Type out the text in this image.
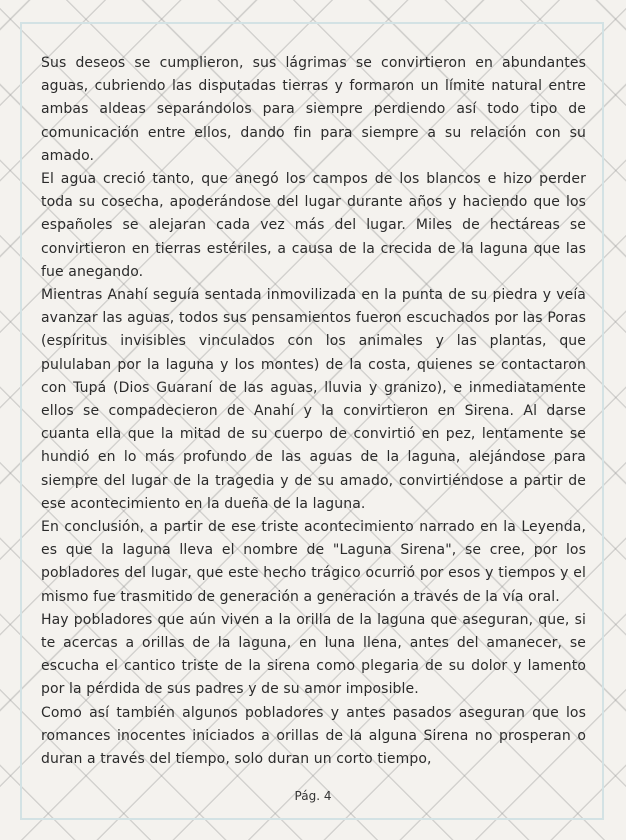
Sus deseos se cumplieron, sus lágrimas se convirtieron en abundantes aguas, cubriendo las disputadas tierras y formaron un límite natural entre ambas aldeas separándolos para siempre perdiendo así todo tipo de comunicación entre ellos, dando fin para siempre a su relación con su amado.

El agua creció tanto, que anegó los campos de los blancos e hizo perder toda su cosecha, apoderándose del lugar durante años y haciendo que los españoles se alejaran cada vez más del lugar. Miles de hectáreas se convirtieron en tierras estériles, a causa de la crecida de la laguna que las fue anegando.

Mientras Anahí seguía sentada inmovilizada en la punta de su piedra y veía avanzar las aguas, todos sus pensamientos fueron escuchados por las Poras (espíritus invisibles vinculados con los animales y las plantas, que pululaban por la laguna y los montes) de la costa, quienes se contactaron con Tupá (Dios Guaraní de las aguas, lluvia y granizo), e inmediatamente ellos se compadecieron de Anahí y la convirtieron en Sirena. Al darse cuanta ella que la mitad de su cuerpo de convirtió en pez, lentamente se hundió en lo más profundo de las aguas de la laguna, alejándose para siempre del lugar de la tragedia y de su amado, convirtiéndose a partir de ese acontecimiento en la dueña de la laguna.

En conclusión, a partir de ese triste acontecimiento narrado en la Leyenda, es que la laguna lleva el nombre de "Laguna Sirena", se cree, por los pobladores del lugar, que este hecho trágico ocurrió por esos y tiempos y el mismo fue trasmitido de generación a generación a través de la vía oral.

Hay pobladores que aún viven a la orilla de la laguna que aseguran, que, si te acercas a orillas de la laguna, en luna llena, antes del amanecer, se escucha el cantico triste de la sirena como plegaria de su dolor y lamento por la pérdida de sus padres y de su amor imposible.

Como así también algunos pobladores y antes pasados aseguran que los romances inocentes iniciados a orillas de la alguna Sirena no prosperan o duran a través del tiempo, solo duran un corto tiempo,

Pág. 4
